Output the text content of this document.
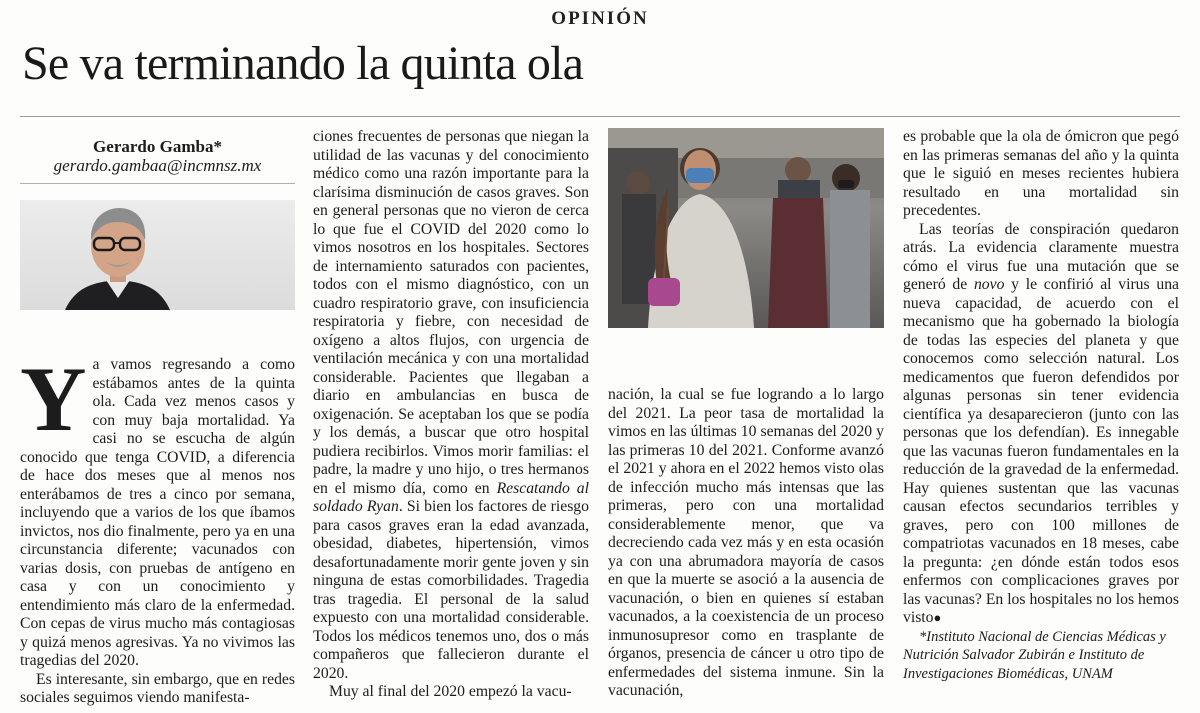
OPINIÓN
Se va terminando la quinta ola
Gerardo Gamba*
gerardo.gambaa@incmnsz.mx

Ya vamos regresando a como estábamos antes de la quinta ola. Cada vez menos casos y con muy baja mortalidad. Ya casi no se escucha de algún conocido que tenga COVID, a diferencia de hace dos meses que al menos nos enterábamos de tres a cinco por semana, incluyendo que a varios de los que íbamos invictos, nos dio finalmente, pero ya en una circunstancia diferente; vacunados con varias dosis, con pruebas de antígeno en casa y con un conocimiento y entendimiento más claro de la enfermedad. Con cepas de virus mucho más contagiosas y quizá menos agresivas. Ya no vivimos las tragedias del 2020.

Es interesante, sin embargo, que en redes sociales seguimos viendo manifesta-

ciones frecuentes de personas que niegan la utilidad de las vacunas y del conocimiento médico como una razón importante para la clarísima disminución de casos graves. Son en general personas que no vieron de cerca lo que fue el COVID del 2020 como lo vimos nosotros en los hospitales. Sectores de internamiento saturados con pacientes, todos con el mismo diagnóstico, con un cuadro respiratorio grave, con insuficiencia respiratoria y fiebre, con necesidad de oxígeno a altos flujos, con urgencia de ventilación mecánica y con una mortalidad considerable. Pacientes que llegaban a diario en ambulancias en busca de oxigenación. Se aceptaban los que se podía y los demás, a buscar que otro hospital pudiera recibirlos. Vimos morir familias: el padre, la madre y uno hijo, o tres hermanos en el mismo día, como en Rescatando al soldado Ryan. Si bien los factores de riesgo para casos graves eran la edad avanzada, obesidad, diabetes, hipertensión, vimos desafortunadamente morir gente joven y sin ninguna de estas comorbilidades. Tragedia tras tragedia. El personal de la salud expuesto con una mortalidad considerable. Todos los médicos tenemos uno, dos o más compañeros que fallecieron durante el 2020.

Muy al final del 2020 empezó la vacu-

nación, la cual se fue logrando a lo largo del 2021. La peor tasa de mortalidad la vimos en las últimas 10 semanas del 2020 y las primeras 10 del 2021. Conforme avanzó el 2021 y ahora en el 2022 hemos visto olas de infección mucho más intensas que las primeras, pero con una mortalidad considerablemente menor, que va decreciendo cada vez más y en esta ocasión ya con una abrumadora mayoría de casos en que la muerte se asoció a la ausencia de vacunación, o bien en quienes sí estaban vacunados, a la coexistencia de un proceso inmunosupresor como en trasplante de órganos, presencia de cáncer u otro tipo de enfermedades del sistema inmune. Sin la vacunación,

es probable que la ola de ómicron que pegó en las primeras semanas del año y la quinta que le siguió en meses recientes hubiera resultado en una mortalidad sin precedentes.

Las teorías de conspiración quedaron atrás. La evidencia claramente muestra cómo el virus fue una mutación que se generó de novo y le confirió al virus una nueva capacidad, de acuerdo con el mecanismo que ha gobernado la biología de todas las especies del planeta y que conocemos como selección natural. Los medicamentos que fueron defendidos por algunas personas sin tener evidencia científica ya desaparecieron (junto con las personas que los defendían). Es innegable que las vacunas fueron fundamentales en la reducción de la gravedad de la enfermedad. Hay quienes sustentan que las vacunas causan efectos secundarios terribles y graves, pero con 100 millones de compatriotas vacunados en 18 meses, cabe la pregunta: ¿en dónde están todos esos enfermos con complicaciones graves por las vacunas? En los hospitales no los hemos visto●

*Instituto Nacional de Ciencias Médicas y Nutrición Salvador Zubirán e Instituto de Investigaciones Biomédicas, UNAM
